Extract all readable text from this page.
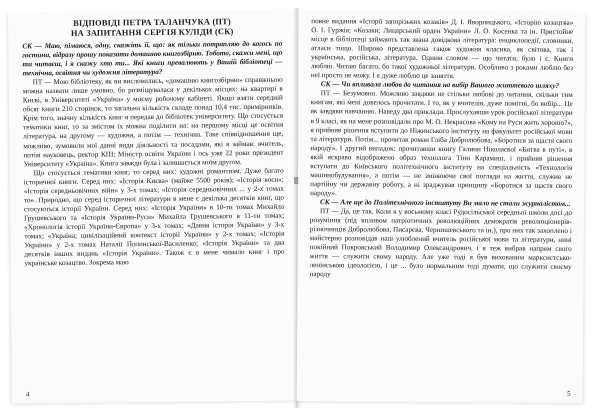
ВІДПОВІДІ ПЕТРА ТАЛАНЧУКА (ПТ)
НА ЗАПИТАННЯ СЕРГІЯ КУЛІДИ (СК)

СК — Маю, пімаюся, одну, скажіть її, що: як тільки потрапляю до когось по гостини, відразу прошу показати домашню книгозбірню. Тобото, скажи мені, що ти читаєш, і я скажу хто ти... Які книги превалюють у Вашій бібліотеці — технічна, освітня чи художня література?

ПТ — Мою бібліотеку, як ви висловились, «домашню книгозбірню» справжньою можна назвати лише умовно, бо розміщувалася у декількох місцях: на квартирі в Києві, в Університеті «Україна» у моєму робочому кабінеті. Якщо взяти середній обсяг книги 210 сторінок, то загальна кількість складе понад 10,4 тис. примірників. Крім того, значну кількість книг я передав до бібліотек університету. Що стосується тематики книг, то за змістом їх можна поділити на: на першому місці це освітня література, на другому — художня, а потім — технічна. Таке співвідношення ще, можливо, зумовили мої давні види діяльності та посадами, які я займав: вчитель, потім науковець, ректор КПІ; Міністр освіти України і ось уже 22 роки президент Університету «Україна». Книга завжди була і залишається моїм другом.

Що стосується тематики книг, то серед них: художні романтизм. Дуже багато історичної книги. Серед них: «Історія Києва» (майже 5500 років); «Історія воєн»; «Історія середньовічних війн» у 3-х томах; «Історія середньовічних ... у 2-х томах то». Природно, що серед історичної літератури в мене є декілька десятків книг, що стосуються історії України. Серед них: «Історія України» в 10-ти томах Михайла Грушевського та «Історія України-Руси» Михайла Грушевського в 11-ти томах; «Хронологія історії України-Європа» у 3-х томах; «Давня історія України» у 3-х томах; «Україна; цивілізаційний контекст історії України» у 2-х томах; «Історія України» у 2-х томах Наталії Полонської-Василенко; «Історія України» та два десятків інших видань «Історія України». Також є в мене чимало книг і про українське козацтво. Зокрема маю

4

повне видання «Історії запорізьких козаків» Д. І. Яворницького, «Історію козацтва» О. І. Гуржія; «Козаки; Лицарський орден України» Л. О. Косенка та ін. Пристойне місце в бібліотеці займають так звана довідкова література: енциклопедії, словники, атласи тощо. Широко представлена також художня класика, як світова, так і українська, російська, література. Одним словом — що читати, було і є. Книги люблю. Читаю багато, бо такої художньої літератури. Особливо з роками люблю без неї просто не можу. І я дуже люблю це заняття.

СК — Чи впливала любов до читання на вибір Вашого життєвого шляху?

ПТ — Безумовно. Можливо завдяки не стільки любові до читання, скільки тим книгам, які мені довелось прочитати. І то, як у вчителів, дуже помітні, бо вибір... Це як завдяки навчанню. Наведу два приклади. Прослухавши урок російської літератури в 9 класі, як на мене розповідали про М. О. Некрасова «Кому на Руси жить хорошо?», я прийняв рішення вступити до Ніжинського інституту на факультет російської мови та літератури. Потім... прочитав роман Гліба Добролюбова, «Боротися за щастя свого народу». І другий випадок: прочитавши книгу Галини Ніколаєвої «Битва в путі», в якій яскраво відображено образ технолога Тіни Карамиш, і прийняв рішення вступати до Київського політехнічного інституту на спеціальність «Технологія машинобудування», а потім — не змінюючи свої погляди на життя, служив не партійну чи державну роботу, а ні зраджував принципу «Боротися за щастя свого народу».

СК — Але ще до Політехнічного інституту Ви мало не стали журналістом...

ПТ — Да, це так. Коли я у восьмому класі Рудосільської середньої школи досі до розуміння (під впливом патріотичних революційних демократів революціонерів-різночинців Добролюбова, Писарєва, Чернишевського та ін.), про них так захоплено і майстерно розповідав наш улюблений вчитель російської мови та літератури, нині покійний Покровський Володимир Олександрович, і я теж вибрав напрям свого життя — служити свому народу. Але уже тоді я був вихованим марксистсько-ленінською ідеологією, і це ... було нормальним тоді думати, що служити своєму народу

5
